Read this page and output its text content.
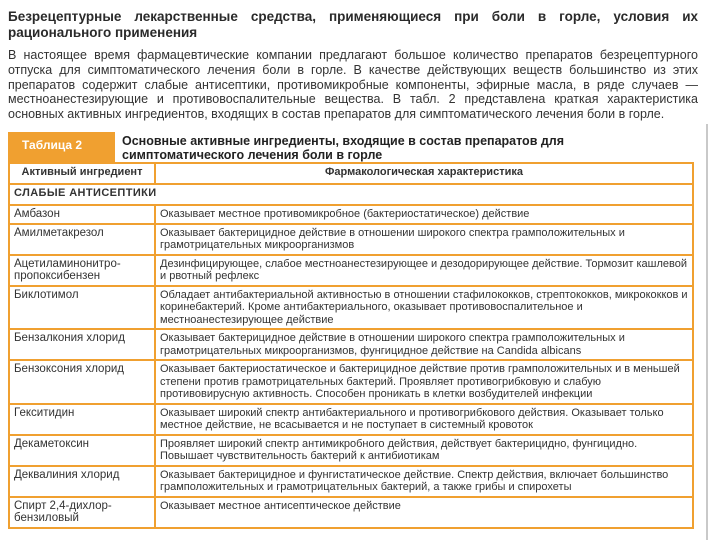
Безрецептурные лекарственные средства, применяющиеся при боли в горле, условия их рационального применения
В настоящее время фармацевтические компании предлагают большое количество препаратов безрецептурного отпуска для симптоматического лечения боли в горле. В качестве действующих веществ большинство из этих препаратов содержит слабые антисептики, противомикробные компоненты, эфирные масла, в ряде случаев — местноанестезирующие и противовоспалительные вещества. В табл. 2 представлена краткая характеристика основных активных ингредиентов, входящих в состав препаратов для симптоматического лечения боли в горле.
Таблица 2	Основные активные ингредиенты, входящие в состав препаратов для симптоматического лечения боли в горле
Активный ингредиент	Фармакологическая характеристика
СЛАБЫЕ АНТИСЕПТИКИ	
Амбазон	Оказывает местное противомикробное (бактериостатическое) действие
Амилметакрезол	Оказывает бактерицидное действие в отношении широкого спектра грамположительных и грамотрицательных микроорганизмов
Ацетиламинонитро-пропоксибензен	Дезинфицирующее, слабое местноанестезирующее и дезодорирующее действие. Тормозит кашлевой и рвотный рефлекс
Биклотимол	Обладает антибактериальной активностью в отношении стафилококков, стрептококков, микрококков и коринебактерий. Кроме антибактериального, оказывает противовоспалительное и местноанестезирующее действие
Бензалкония хлорид	Оказывает бактерицидное действие в отношении широкого спектра грамположительных и грамотрицательных микроорганизмов, фунгицидное действие на Candida albicans
Бензоксония хлорид	Оказывает бактериостатическое и бактерицидное действие против грамположительных и в меньшей степени против грамотрицательных бактерий. Проявляет противогрибковую и слабую противовирусную активность. Способен проникать в клетки возбудителей инфекции
Гекситидин	Оказывает широкий спектр антибактериального и противогрибкового действия. Оказывает только местное действие, не всасывается и не поступает в системный кровоток
Декаметоксин	Проявляет широкий спектр антимикробного действия, действует бактерицидно, фунгицидно. Повышает чувствительность бактерий к антибиотикам
Деквалиния хлорид	Оказывает бактерицидное и фунгистатическое действие. Спектр действия, включает большинство грамположительных и грамотрицательных бактерий, а также грибы и спирохеты
Спирт 2,4-дихлор-бензиловый	Оказывает местное антисептическое действие
